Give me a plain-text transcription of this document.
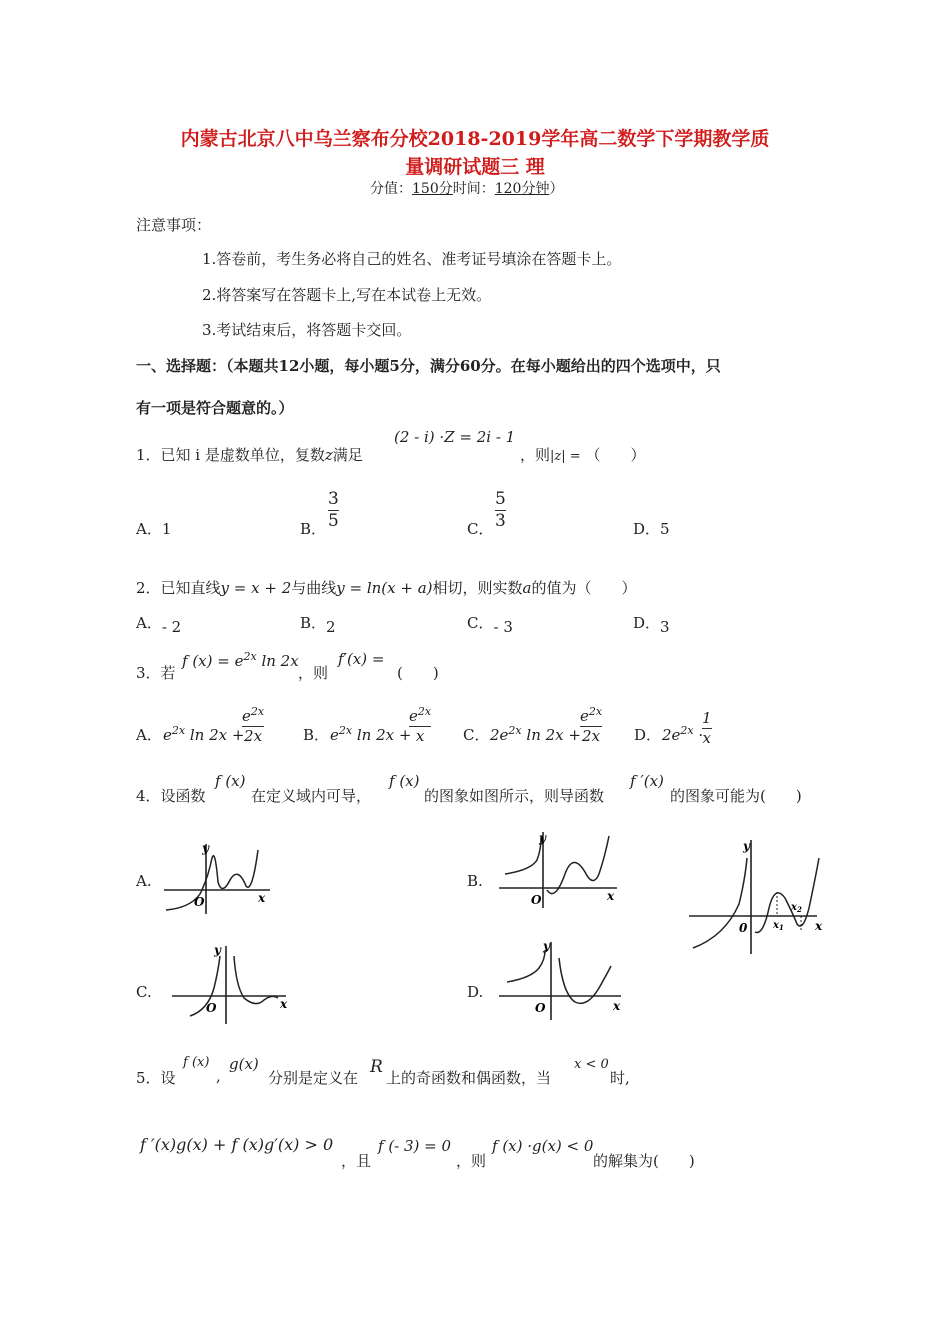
内蒙古北京八中乌兰察布分校2018-2019学年高二数学下学期教学质
量调研试题三 理
分值：150分时间：120分钟）
注意事项：
1.答卷前，考生务必将自己的姓名、准考证号填涂在答题卡上。
2.将答案写在答题卡上,写在本试卷上无效。
3.考试结束后，将答题卡交回。
一、选择题：（本题共12小题，每小题5分，满分60分。在每小题给出的四个选项中，只
有一项是符合题意的。）
1．已知 i 是虚数单位，复数z满足
(2 - i) ·Z = 2i - 1
，则|z| = （　　）
A．1	B．
3
5	C．
5
3	D．5
2．已知直线y = x + 2与曲线y = ln(x + a)相切，则实数a的值为（　　）
A．- 2	B．2	C．- 3	D．3
3．若
f $(x) = e^{2x}$ ln 2x
，则
f′(x) =
(　　)
A． $e^{2x}$ ln 2x +
$e^{2x}$
2x	B． $e^{2x}$ ln 2x +
$e^{2x}$
x	C． $2e^{2x}$ ln 2x +
$e^{2x}$
2x D． $2e^{2x}$ ·
1
x
4．设函数
f (x)
在定义域内可导，
f (x)
的图象如图所示，则导函数
f ′(x)
的图象可能为(　　)
A.	B.
C.	D.
y
O	x
y
O	x
y
0	x
$x_1$
$x_2$
y
O	x
y
O	x
5．设
f (x)
,
g(x)
分别是定义在
R
上的奇函数和偶函数，当
x < 0
时,
f ′(x)g(x) + f (x)g′(x) > 0
，且
f (- 3) = 0
，则
f (x) ·g(x) < 0
的解集为(　　)
